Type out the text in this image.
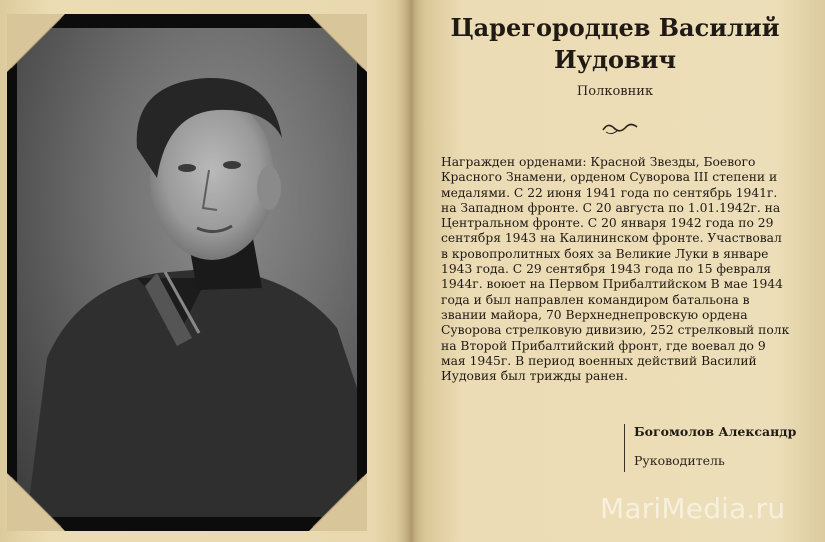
Царегородцев Василий Иудович
Полковник

Награжден орденами: Красной Звезды, Боевого Красного Знамени, орденом Суворова III степени и медалями. С 22 июня 1941 года по сентябрь 1941г. на Западном фронте. С 20 августа по 1.01.1942г. на Центральном фронте. С 20 января 1942 года по 29 сентября 1943 на Калининском фронте. Участвовал в кровопролитных боях за Великие Луки в январе 1943 года. С 29 сентября 1943 года по 15 февраля 1944г. воюет на Первом Прибалтийском В мае 1944 года и был направлен командиром батальона в звании майора, 70 Верхнеднепровскую ордена Суворова стрелковую дивизию, 252 стрелковый полк на Второй Прибалтийский фронт, где воевал до 9 мая 1945г. В период военных действий Василий Иудовия был трижды ранен.

Богомолов Александр
Руководитель
MariMedia.ru
